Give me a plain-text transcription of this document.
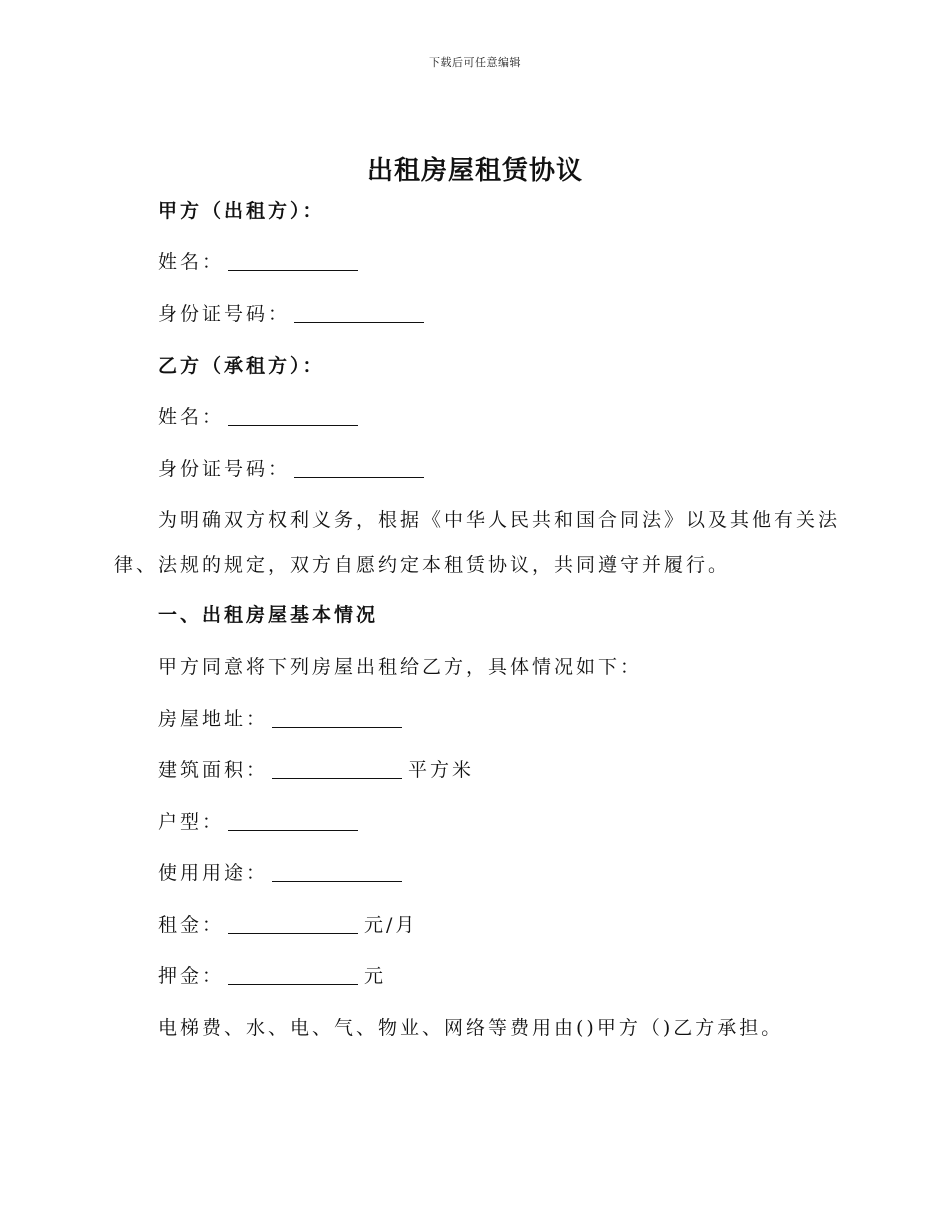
下载后可任意编辑
出租房屋租赁协议
甲方（出租方）：
姓名：
身份证号码：
乙方（承租方）：
姓名：
身份证号码：
为明确双方权利义务，根据《中华人民共和国合同法》以及其他有关法律、法规的规定，双方自愿约定本租赁协议，共同遵守并履行。
一、出租房屋基本情况
甲方同意将下列房屋出租给乙方，具体情况如下：
房屋地址：
建筑面积：	平方米
户型：
使用用途：
租金：	元/月
押金：	元
电梯费、水、电、气、物业、网络等费用由()甲方（)乙方承担。
